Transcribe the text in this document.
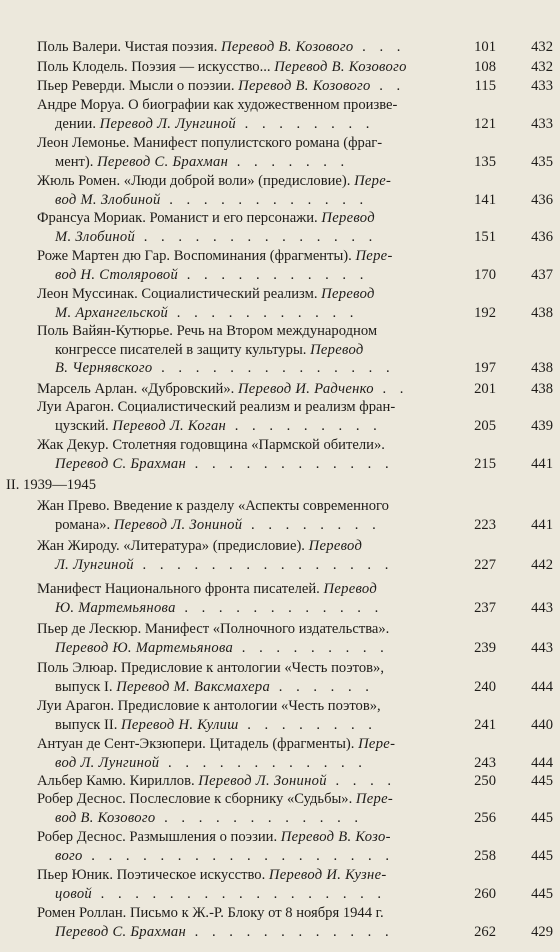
Поль Валери. Чистая поэзия. Перевод В. Козового . . .	101	432
Поль Клодель. Поэзия — искусство... Перевод В. Козового	108	432
Пьер Реверди. Мысли о поэзии. Перевод В. Козового . .	115	433
Андре Моруа. О биографии как художественном произве-
дении. Перевод Л. Лунгиной . . . . . . . .	121	433
Леон Лемонье. Манифест популистского романа (фраг-
мент). Перевод С. Брахман . . . . . . .	135	435
Жюль Ромен. «Люди доброй воли» (предисловие). Пере-
вод М. Злобиной . . . . . . . . . . . .	141	436
Франсуа Мориак. Романист и его персонажи. Перевод
М. Злобиной . . . . . . . . . . . . . .	151	436
Роже Мартен дю Гар. Воспоминания (фрагменты). Пере-
вод Н. Столяровой . . . . . . . . . . .	170	437
Леон Муссинак. Социалистический реализм. Перевод
М. Архангельской . . . . . . . . . . .	192	438
Поль Вайян-Кутюрье. Речь на Втором международном
конгрессе писателей в защиту культуры. Перевод
В. Чернявского . . . . . . . . . . . . . .	197	438
Марсель Арлан. «Дубровский». Перевод И. Радченко . .	201	438
Луи Арагон. Социалистический реализм и реализм фран-
цузский. Перевод Л. Коган . . . . . . . . .	205	439
Жак Декур. Столетняя годовщина «Пармской обители».
Перевод С. Брахман . . . . . . . . . . . .	215	441
II. 1939—1945
Жан Прево. Введение к разделу «Аспекты современного
романа». Перевод Л. Зониной . . . . . . . .	223	441
Жан Жироду. «Литература» (предисловие). Перевод
Л. Лунгиной . . . . . . . . . . . . . . .	227	442
Манифест Национального фронта писателей. Перевод
Ю. Мартемьянова . . . . . . . . . . . .	237	443
Пьер де Лескюр. Манифест «Полночного издательства».
Перевод Ю. Мартемьянова . . . . . . . . .	239	443
Поль Элюар. Предисловие к антологии «Честь поэтов»,
выпуск I. Перевод М. Ваксмахера . . . . . .	240	444
Луи Арагон. Предисловие к антологии «Честь поэтов»,
выпуск II. Перевод Н. Кулиш . . . . . . . .	241	440
Антуан де Сент-Экзюпери. Цитадель (фрагменты). Пере-
вод Л. Лунгиной . . . . . . . . . . . .	243	444
Альбер Камю. Кириллов. Перевод Л. Зониной . . . .	250	445
Робер Деснос. Послесловие к сборнику «Судьбы». Пере-
вод В. Козового . . . . . . . . . . . .	256	445
Робер Деснос. Размышления о поэзии. Перевод В. Козо-
вого . . . . . . . . . . . . . . . . . .	258	445
Пьер Юник. Поэтическое искусство. Перевод И. Кузне-
цовой . . . . . . . . . . . . . . . . .	260	445
Ромен Роллан. Письмо к Ж.-Р. Блоку от 8 ноября 1944 г.
Перевод С. Брахман . . . . . . . . . . . .	262	429
